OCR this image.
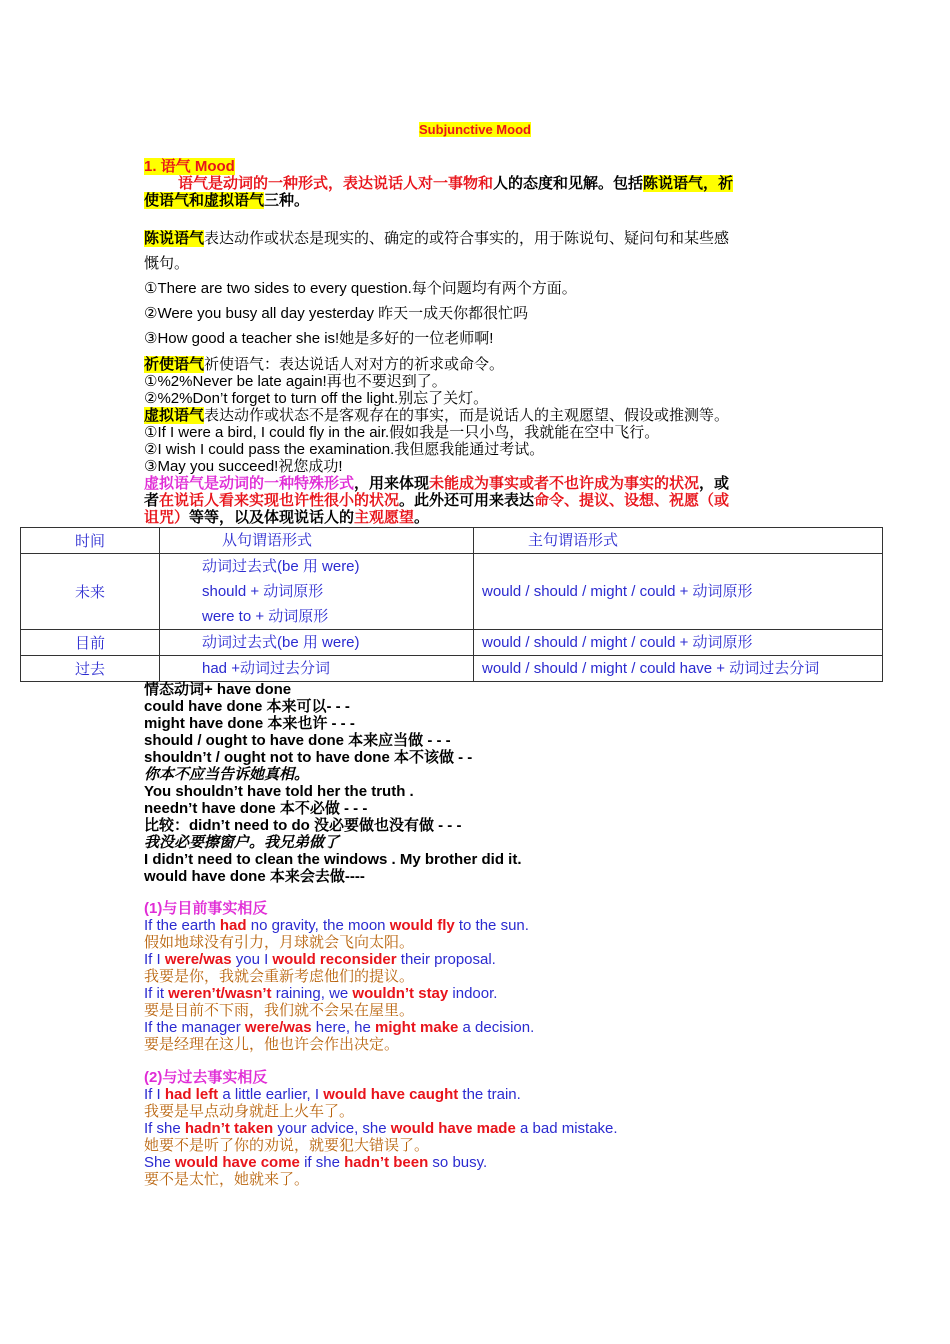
Subjunctive Mood
1. 语气 Mood
语气是动词的一种形式，表达说话人对一事物和人的态度和见解。包括陈说语气，祈
使语气和虚拟语气三种。
陈说语气表达动作或状态是现实的、确定的或符合事实的，用于陈说句、疑问句和某些感
慨句。
①There are two sides to every question.每个问题均有两个方面。
②Were you busy all day yesterday 昨天一成天你都很忙吗
③How good a teacher she is!她是多好的一位老师啊!
祈使语气祈使语气：表达说话人对对方的祈求或命令。
①%2%Never be late again!再也不要迟到了。
②%2%Don’t forget to turn off the light.别忘了关灯。
虚拟语气表达动作或状态不是客观存在的事实，而是说话人的主观愿望、假设或推测等。
①If I were a bird, I could fly in the air.假如我是一只小鸟，我就能在空中飞行。
②I wish I could pass the examination.我但愿我能通过考试。
③May you succeed!祝您成功!
虚拟语气是动词的一种特殊形式，用来体现未能成为事实或者不也许成为事实的状况，或
者在说话人看来实现也许性很小的状况。此外还可用来表达命令、提议、设想、祝愿（或
诅咒）等等，以及体现说话人的主观愿望。
时间	从句谓语形式	主句谓语形式

未来	动词过去式(be 用 were)
should + 动词原形
were to + 动词原形	would / should / might / could + 动词原形

目前	动词过去式(be 用 were)	would / should / might / could + 动词原形

过去	had +动词过去分词	would / should / might / could have + 动词过去分词
情态动词+ have done
could have done 本来可以- - -
might have done 本来也许 - - -
should / ought to have done 本来应当做 - - -
shouldn’t / ought not to have done 本不该做 - -
你本不应当告诉她真相。
You shouldn’t have told her the truth .
needn’t have done 本不必做 - - -
比较：didn’t need to do 没必要做也没有做 - - -
我没必要擦窗户。我兄弟做了
I didn’t need to clean the windows . My brother did it.
would have done 本来会去做----
(1)与目前事实相反
If the earth had no gravity, the moon would fly to the sun.
假如地球没有引力，月球就会飞向太阳。
If I were/was you I would reconsider their proposal.
我要是你，我就会重新考虑他们的提议。
If it weren’t/wasn’t raining, we wouldn’t stay indoor.
要是目前不下雨，我们就不会呆在屋里。
If the manager were/was here, he might make a decision.
要是经理在这儿，他也许会作出决定。
(2)与过去事实相反
If I had left a little earlier, I would have caught the train.
我要是早点动身就赶上火车了。
If she hadn’t taken your advice, she would have made a bad mistake.
她要不是听了你的劝说，就要犯大错误了。
She would have come if she hadn’t been so busy.
要不是太忙，她就来了。
